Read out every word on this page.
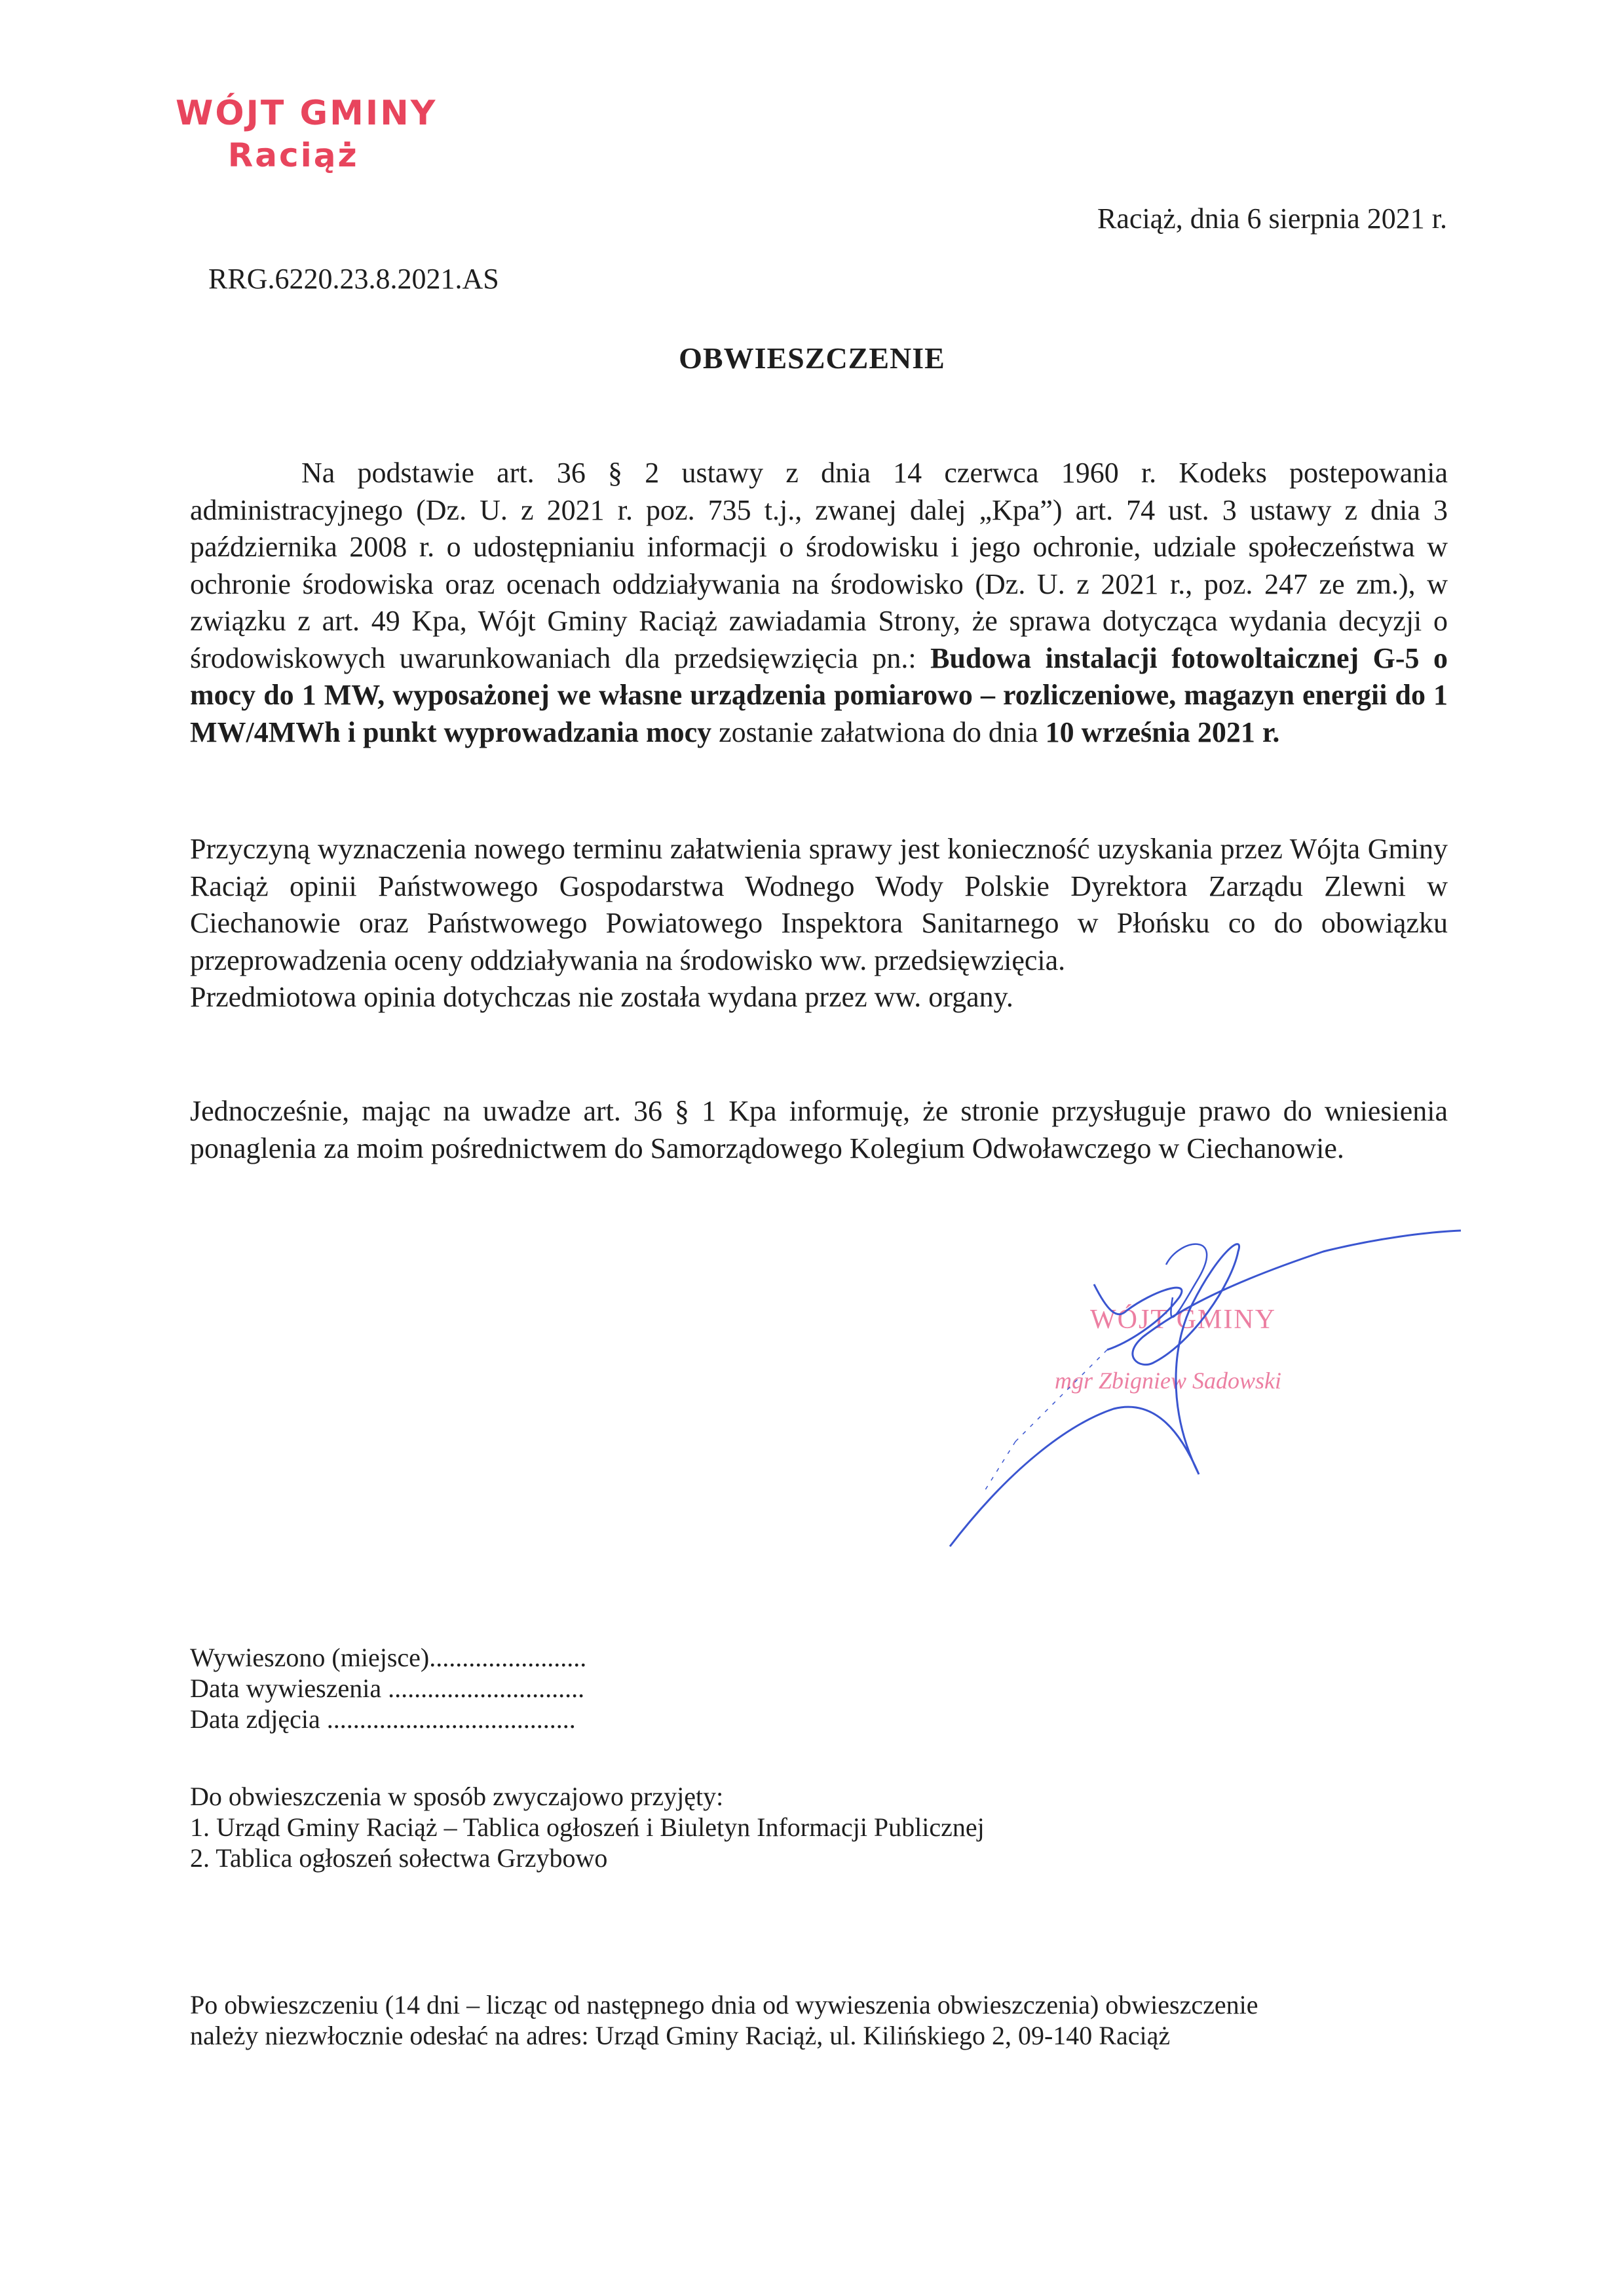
WÓJT GMINY
Raciąż
Raciąż, dnia 6 sierpnia 2021 r.
RRG.6220.23.8.2021.AS
OBWIESZCZENIE
Na podstawie art. 36 § 2 ustawy z dnia 14 czerwca 1960 r. Kodeks postepowania administracyjnego (Dz. U. z 2021 r. poz. 735 t.j., zwanej dalej „Kpa”) art. 74 ust. 3 ustawy z dnia 3 października 2008 r. o udostępnianiu informacji o środowisku i jego ochronie, udziale społeczeństwa w ochronie środowiska oraz ocenach oddziaływania na środowisko (Dz. U. z 2021 r., poz. 247 ze zm.), w związku z art. 49 Kpa, Wójt Gminy Raciąż zawiadamia Strony, że sprawa dotycząca wydania decyzji o środowiskowych uwarunkowaniach dla przedsięwzięcia pn.: Budowa instalacji fotowoltaicznej G-5 o mocy do 1 MW, wyposażonej we własne urządzenia pomiarowo – rozliczeniowe, magazyn energii do 1 MW/4MWh i punkt wyprowadzania mocy zostanie załatwiona do dnia 10 września 2021 r.
Przyczyną wyznaczenia nowego terminu załatwienia sprawy jest konieczność uzyskania przez Wójta Gminy Raciąż opinii Państwowego Gospodarstwa Wodnego Wody Polskie Dyrektora Zarządu Zlewni w Ciechanowie oraz Państwowego Powiatowego Inspektora Sanitarnego w Płońsku co do obowiązku przeprowadzenia oceny oddziaływania na środowisko ww. przedsięwzięcia.
Przedmiotowa opinia dotychczas nie została wydana przez ww. organy.
Jednocześnie, mając na uwadze art. 36 § 1 Kpa informuję, że stronie przysługuje prawo do wniesienia ponaglenia za moim pośrednictwem do Samorządowego Kolegium Odwoławczego w Ciechanowie.
WÓJT GMINY
mgr Zbigniew Sadowski
Wywieszono (miejsce)........................
Data wywieszenia ..............................
Data zdjęcia ......................................
Do obwieszczenia w sposób zwyczajowo przyjęty:
1. Urząd Gminy Raciąż – Tablica ogłoszeń i Biuletyn Informacji Publicznej
2. Tablica ogłoszeń sołectwa Grzybowo
Po obwieszczeniu (14 dni – licząc od następnego dnia od wywieszenia obwieszczenia) obwieszczenie
należy niezwłocznie odesłać na adres: Urząd Gminy Raciąż, ul. Kilińskiego 2, 09-140 Raciąż
